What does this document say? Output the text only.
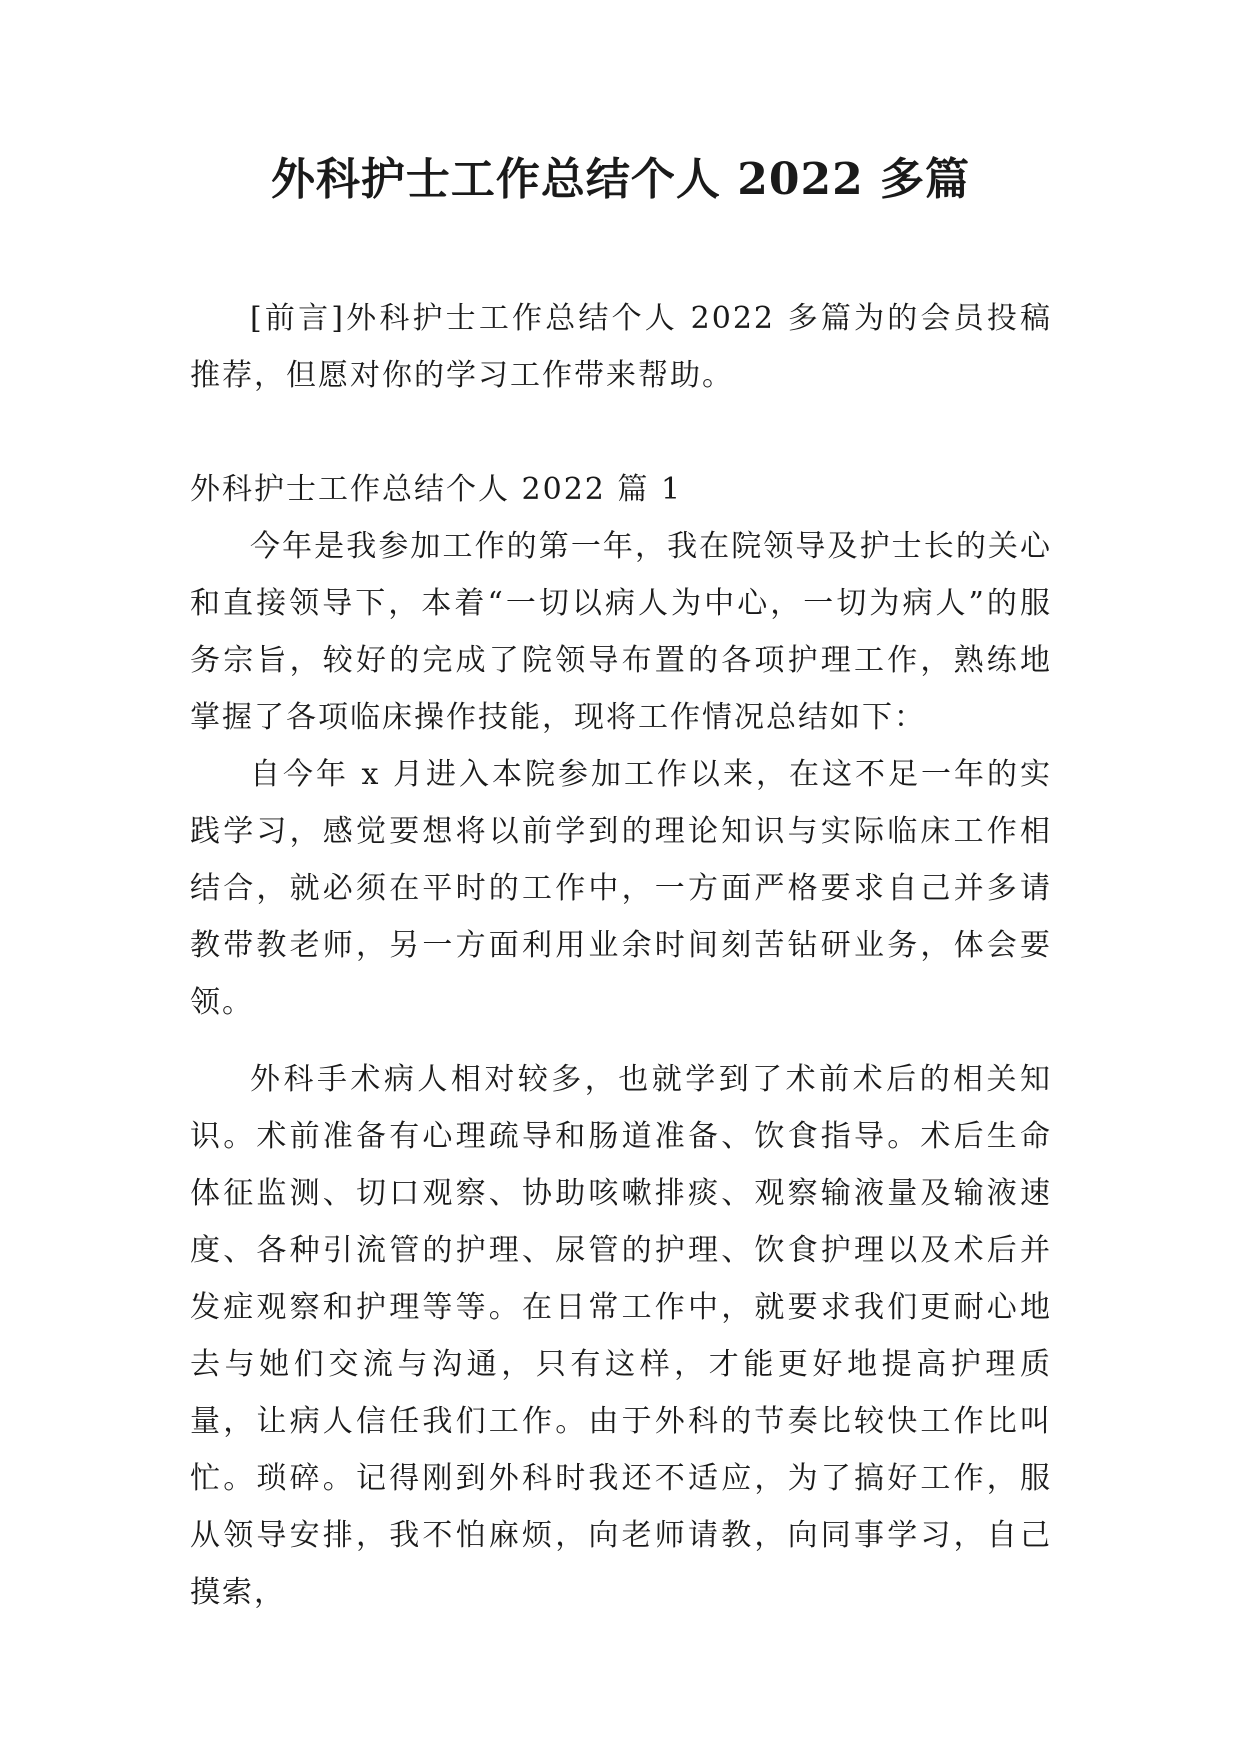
外科护士工作总结个人 2022 多篇

[前言]外科护士工作总结个人 2022 多篇为的会员投稿推荐，但愿对你的学习工作带来帮助。

外科护士工作总结个人 2022 篇 1

今年是我参加工作的第一年，我在院领导及护士长的关心和直接领导下，本着“一切以病人为中心，一切为病人”的服务宗旨，较好的完成了院领导布置的各项护理工作，熟练地掌握了各项临床操作技能，现将工作情况总结如下：

自今年 x 月进入本院参加工作以来，在这不足一年的实践学习，感觉要想将以前学到的理论知识与实际临床工作相结合，就必须在平时的工作中，一方面严格要求自己并多请教带教老师，另一方面利用业余时间刻苦钻研业务，体会要领。

外科手术病人相对较多，也就学到了术前术后的相关知识。术前准备有心理疏导和肠道准备、饮食指导。术后生命体征监测、切口观察、协助咳嗽排痰、观察输液量及输液速度、各种引流管的护理、尿管的护理、饮食护理以及术后并发症观察和护理等等。在日常工作中，就要求我们更耐心地去与她们交流与沟通，只有这样，才能更好地提高护理质量，让病人信任我们工作。由于外科的节奏比较快工作比叫忙。琐碎。记得刚到外科时我还不适应，为了搞好工作，服从领导安排，我不怕麻烦，向老师请教，向同事学习，自己摸索，
